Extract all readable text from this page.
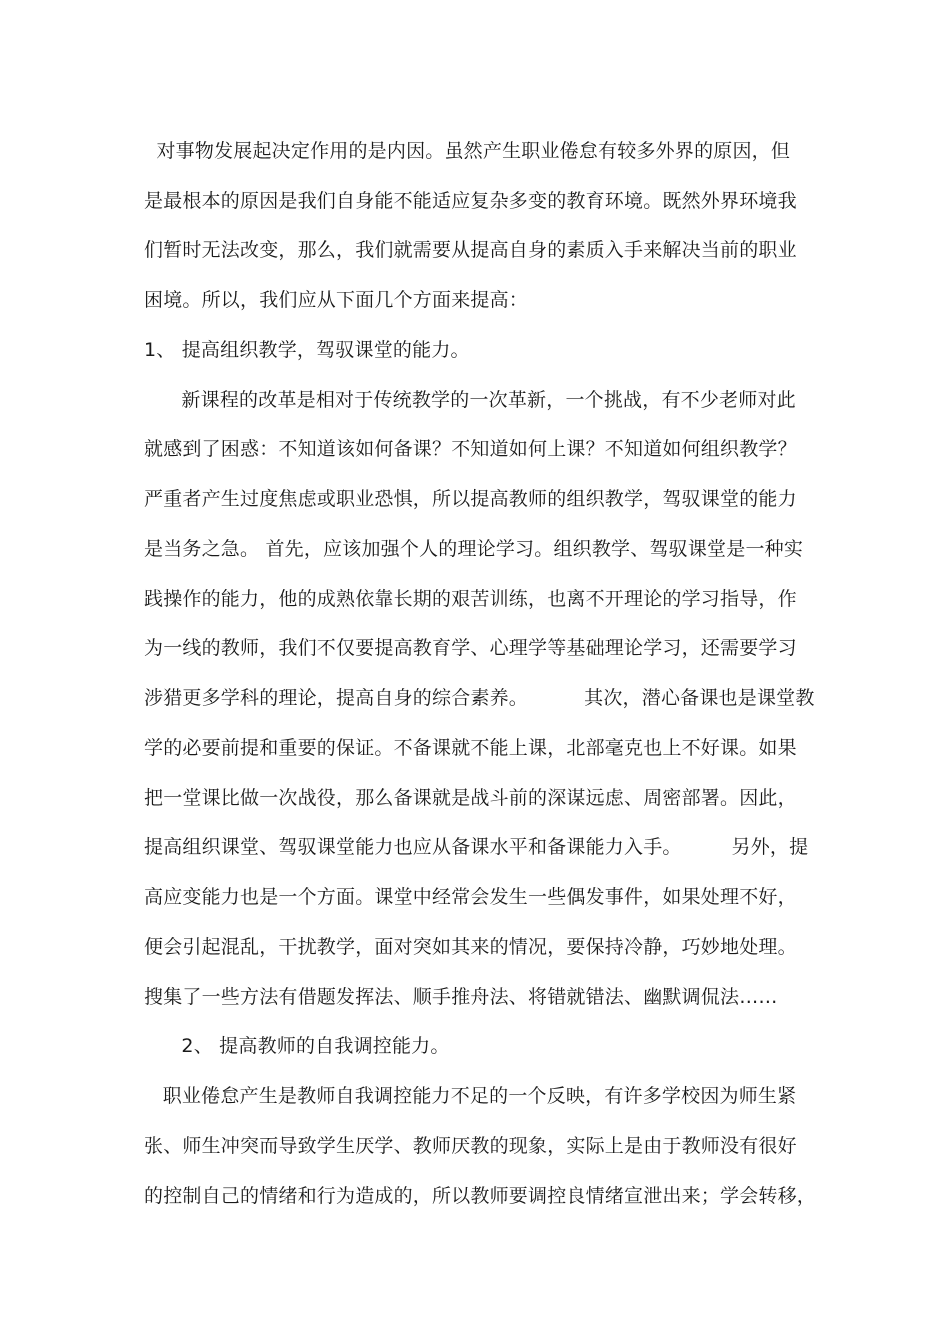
对事物发展起决定作用的是内因。虽然产生职业倦怠有较多外界的原因，但
是最根本的原因是我们自身能不能适应复杂多变的教育环境。既然外界环境我
们暂时无法改变，那么，我们就需要从提高自身的素质入手来解决当前的职业
困境。所以，我们应从下面几个方面来提高：
1、 提高组织教学，驾驭课堂的能力。
新课程的改革是相对于传统教学的一次革新，一个挑战，有不少老师对此
就感到了困惑：不知道该如何备课？不知道如何上课？不知道如何组织教学？
严重者产生过度焦虑或职业恐惧，所以提高教师的组织教学，驾驭课堂的能力
是当务之急。 首先，应该加强个人的理论学习。组织教学、驾驭课堂是一种实
践操作的能力，他的成熟依靠长期的艰苦训练，也离不开理论的学习指导，作
为一线的教师，我们不仅要提高教育学、心理学等基础理论学习，还需要学习
涉猎更多学科的理论，提高自身的综合素养。         其次，潜心备课也是课堂教
学的必要前提和重要的保证。不备课就不能上课，北部毫克也上不好课。如果
把一堂课比做一次战役，那么备课就是战斗前的深谋远虑、周密部署。因此，
提高组织课堂、驾驭课堂能力也应从备课水平和备课能力入手。        另外，提
高应变能力也是一个方面。课堂中经常会发生一些偶发事件，如果处理不好，
便会引起混乱，干扰教学，面对突如其来的情况，要保持冷静，巧妙地处理。
搜集了一些方法有借题发挥法、顺手推舟法、将错就错法、幽默调侃法……
2、 提高教师的自我调控能力。
职业倦怠产生是教师自我调控能力不足的一个反映，有许多学校因为师生紧
张、师生冲突而导致学生厌学、教师厌教的现象，实际上是由于教师没有很好
的控制自己的情绪和行为造成的，所以教师要调控良情绪宣泄出来；学会转移，
